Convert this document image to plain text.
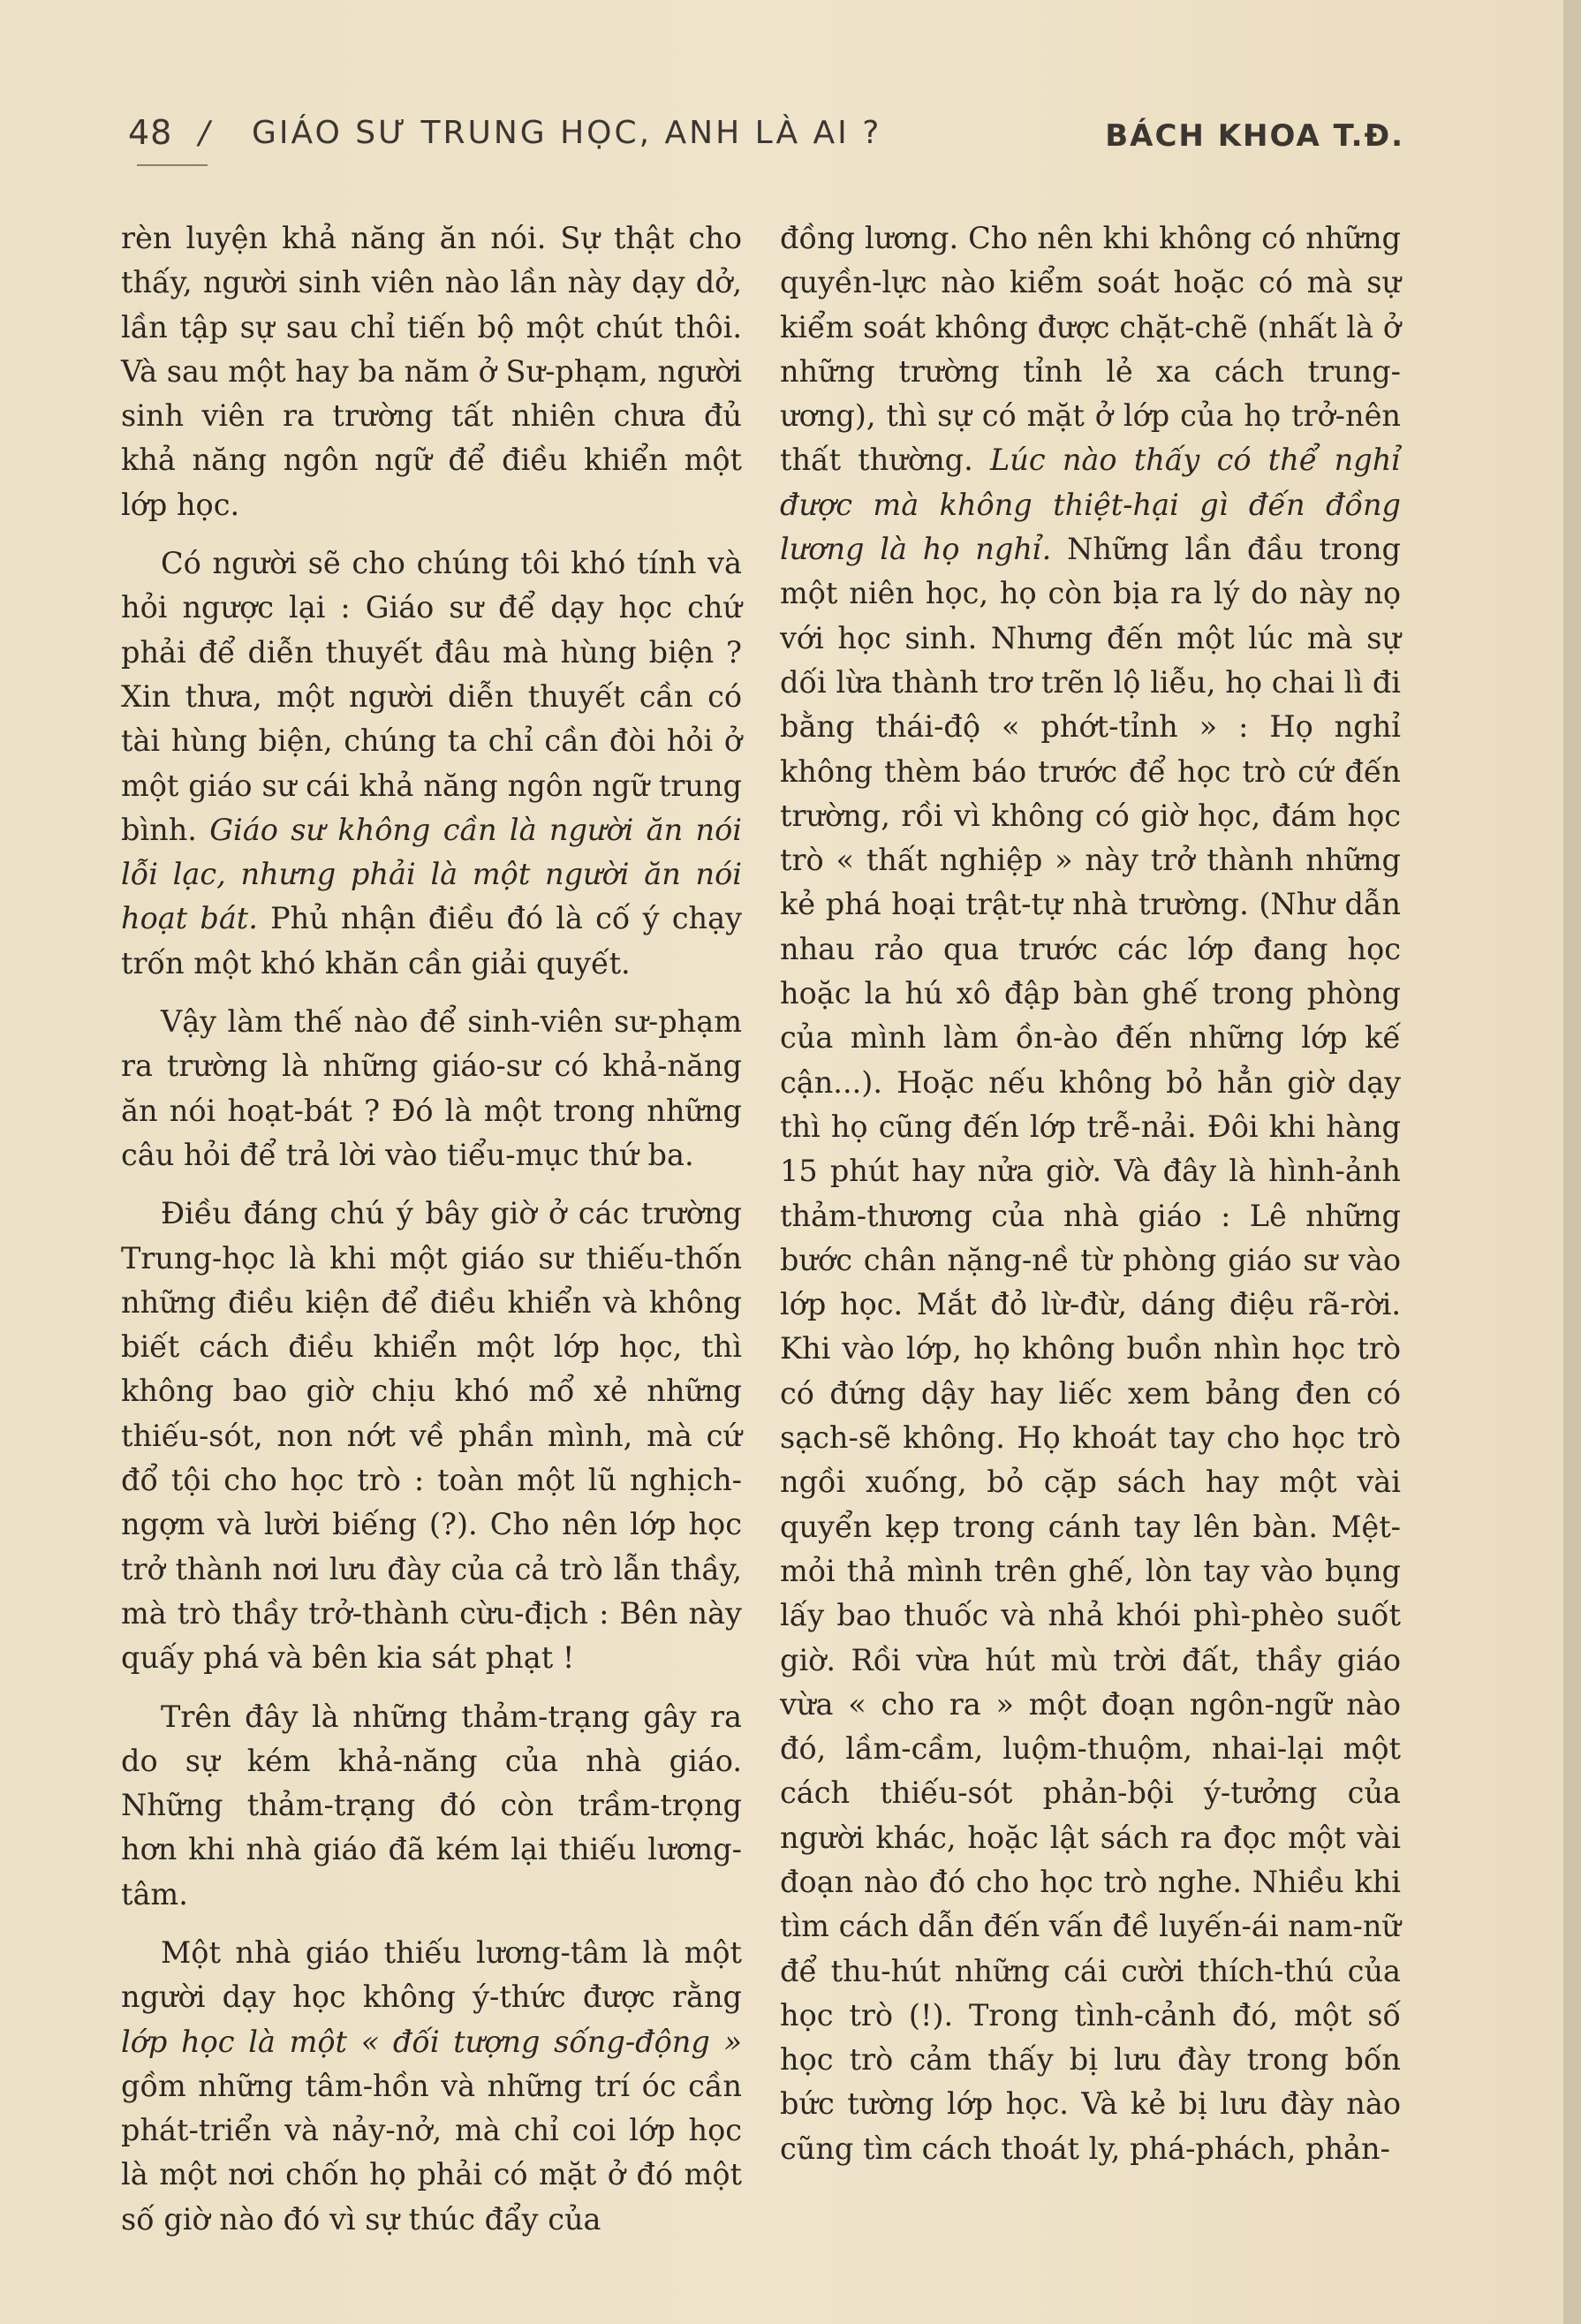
48 / GIÁO SƯ TRUNG HỌC, ANH LÀ AI ?	BÁCH KHOA T.Đ.

rèn luyện khả năng ăn nói. Sự thật cho thấy, người sinh viên nào lần này dạy dở, lần tập sự sau chỉ tiến bộ một chút thôi. Và sau một hay ba năm ở Sư-phạm, người sinh viên ra trường tất nhiên chưa đủ khả năng ngôn ngữ để điều khiển một lớp học.

Có người sẽ cho chúng tôi khó tính và hỏi ngược lại : Giáo sư để dạy học chứ phải để diễn thuyết đâu mà hùng biện ? Xin thưa, một người diễn thuyết cần có tài hùng biện, chúng ta chỉ cần đòi hỏi ở một giáo sư cái khả năng ngôn ngữ trung bình. Giáo sư không cần là người ăn nói lỗi lạc, nhưng phải là một người ăn nói hoạt bát. Phủ nhận điều đó là cố ý chạy trốn một khó khăn cần giải quyết.

Vậy làm thế nào để sinh-viên sư-phạm ra trường là những giáo-sư có khả-năng ăn nói hoạt-bát ? Đó là một trong những câu hỏi để trả lời vào tiểu-mục thứ ba.

Điều đáng chú ý bây giờ ở các trường Trung-học là khi một giáo sư thiếu-thốn những điều kiện để điều khiển và không biết cách điều khiển một lớp học, thì không bao giờ chịu khó mổ xẻ những thiếu-sót, non nớt về phần mình, mà cứ đổ tội cho học trò : toàn một lũ nghịch-ngợm và lười biếng (?). Cho nên lớp học trở thành nơi lưu đày của cả trò lẫn thầy, mà trò thầy trở-thành cừu-địch : Bên này quấy phá và bên kia sát phạt !

Trên đây là những thảm-trạng gây ra do sự kém khả-năng của nhà giáo. Những thảm-trạng đó còn trầm-trọng hơn khi nhà giáo đã kém lại thiếu lương-tâm.

Một nhà giáo thiếu lương-tâm là một người dạy học không ý-thức được rằng lớp học là một « đối tượng sống-động » gồm những tâm-hồn và những trí óc cần phát-triển và nảy-nở, mà chỉ coi lớp học là một nơi chốn họ phải có mặt ở đó một số giờ nào đó vì sự thúc đẩy của

đồng lương. Cho nên khi không có những quyền-lực nào kiểm soát hoặc có mà sự kiểm soát không được chặt-chẽ (nhất là ở những trường tỉnh lẻ xa cách trung-ương), thì sự có mặt ở lớp của họ trở-nên thất thường. Lúc nào thấy có thể nghỉ được mà không thiệt-hại gì đến đồng lương là họ nghỉ. Những lần đầu trong một niên học, họ còn bịa ra lý do này nọ với học sinh. Nhưng đến một lúc mà sự dối lừa thành trơ trẽn lộ liễu, họ chai lì đi bằng thái-độ « phớt-tỉnh » : Họ nghỉ không thèm báo trước để học trò cứ đến trường, rồi vì không có giờ học, đám học trò « thất nghiệp » này trở thành những kẻ phá hoại trật-tự nhà trường. (Như dẫn nhau rảo qua trước các lớp đang học hoặc la hú xô đập bàn ghế trong phòng của mình làm ồn-ào đến những lớp kế cận...). Hoặc nếu không bỏ hẳn giờ dạy thì họ cũng đến lớp trễ-nải. Đôi khi hàng 15 phút hay nửa giờ. Và đây là hình-ảnh thảm-thương của nhà giáo : Lê những bước chân nặng-nề từ phòng giáo sư vào lớp học. Mắt đỏ lừ-đừ, dáng điệu rã-rời. Khi vào lớp, họ không buồn nhìn học trò có đứng dậy hay liếc xem bảng đen có sạch-sẽ không. Họ khoát tay cho học trò ngồi xuống, bỏ cặp sách hay một vài quyển kẹp trong cánh tay lên bàn. Mệt-mỏi thả mình trên ghế, lòn tay vào bụng lấy bao thuốc và nhả khói phì-phèo suốt giờ. Rồi vừa hút mù trời đất, thầy giáo vừa « cho ra » một đoạn ngôn-ngữ nào đó, lầm-cầm, luộm-thuộm, nhai-lại một cách thiếu-sót phản-bội ý-tưởng của người khác, hoặc lật sách ra đọc một vài đoạn nào đó cho học trò nghe. Nhiều khi tìm cách dẫn đến vấn đề luyến-ái nam-nữ để thu-hút những cái cười thích-thú của học trò (!). Trong tình-cảnh đó, một số học trò cảm thấy bị lưu đày trong bốn bức tường lớp học. Và kẻ bị lưu đày nào cũng tìm cách thoát ly, phá-phách, phản-
